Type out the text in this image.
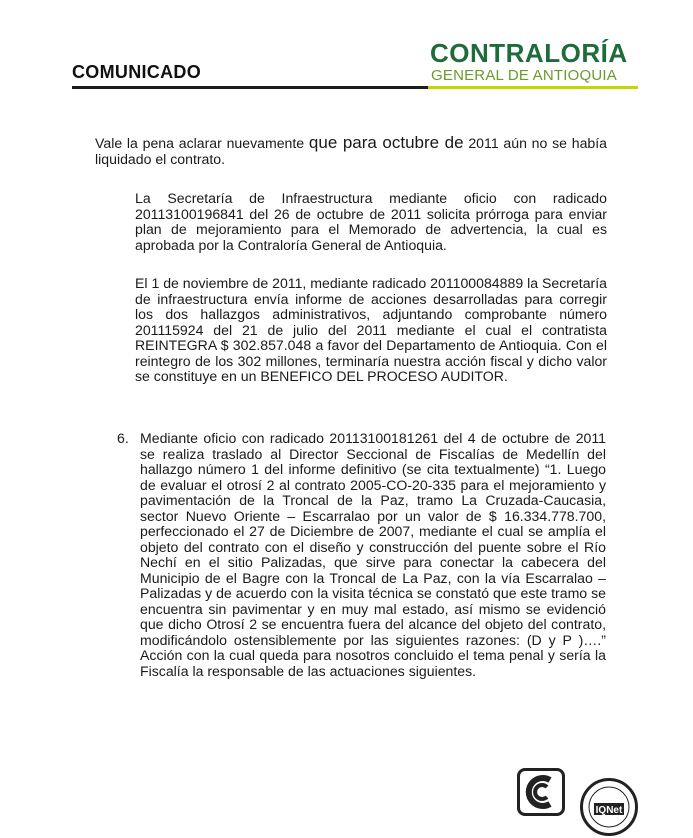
COMUNICADO
CONTRALORÍA
GENERAL DE ANTIOQUIA

Vale la pena aclarar nuevamente que para octubre de 2011 aún no se había liquidado el contrato.

La Secretaría de Infraestructura mediante oficio con radicado 20113100196841 del 26 de octubre de 2011 solicita prórroga para enviar plan de mejoramiento para el Memorado de advertencia, la cual es aprobada por la Contraloría General de Antioquia.

El 1 de noviembre de 2011, mediante radicado 201100084889 la Secretaría de infraestructura envía informe de acciones desarrolladas para corregir los dos hallazgos administrativos, adjuntando comprobante número 201115924 del 21 de julio del 2011 mediante el cual el contratista REINTEGRA $ 302.857.048 a favor del Departamento de Antioquia. Con el reintegro de los 302 millones, terminaría nuestra acción fiscal y dicho valor se constituye en un BENEFICO DEL PROCESO AUDITOR.

6. Mediante oficio con radicado 20113100181261 del 4 de octubre de 2011 se realiza traslado al Director Seccional de Fiscalías de Medellín del hallazgo número 1 del informe definitivo (se cita textualmente) “1. Luego de evaluar el otrosí 2 al contrato 2005-CO-20-335 para el mejoramiento y pavimentación de la Troncal de la Paz, tramo La Cruzada-Caucasia, sector Nuevo Oriente – Escarralao por un valor de $ 16.334.778.700, perfeccionado el 27 de Diciembre de 2007, mediante el cual se amplía el objeto del contrato con el diseño y construcción del puente sobre el Río Nechí en el sitio Palizadas, que sirve para conectar la cabecera del Municipio de el Bagre con la Troncal de La Paz, con la vía Escarralao – Palizadas y de acuerdo con la visita técnica se constató que este tramo se encuentra sin pavimentar y en muy mal estado, así mismo se evidenció que dicho Otrosí 2 se encuentra fuera del alcance del objeto del contrato, modificándolo ostensiblemente por las siguientes razones: (D y P )….” Acción con la cual queda para nosotros concluido el tema penal y sería la Fiscalía la responsable de las actuaciones siguientes.

IQNet
